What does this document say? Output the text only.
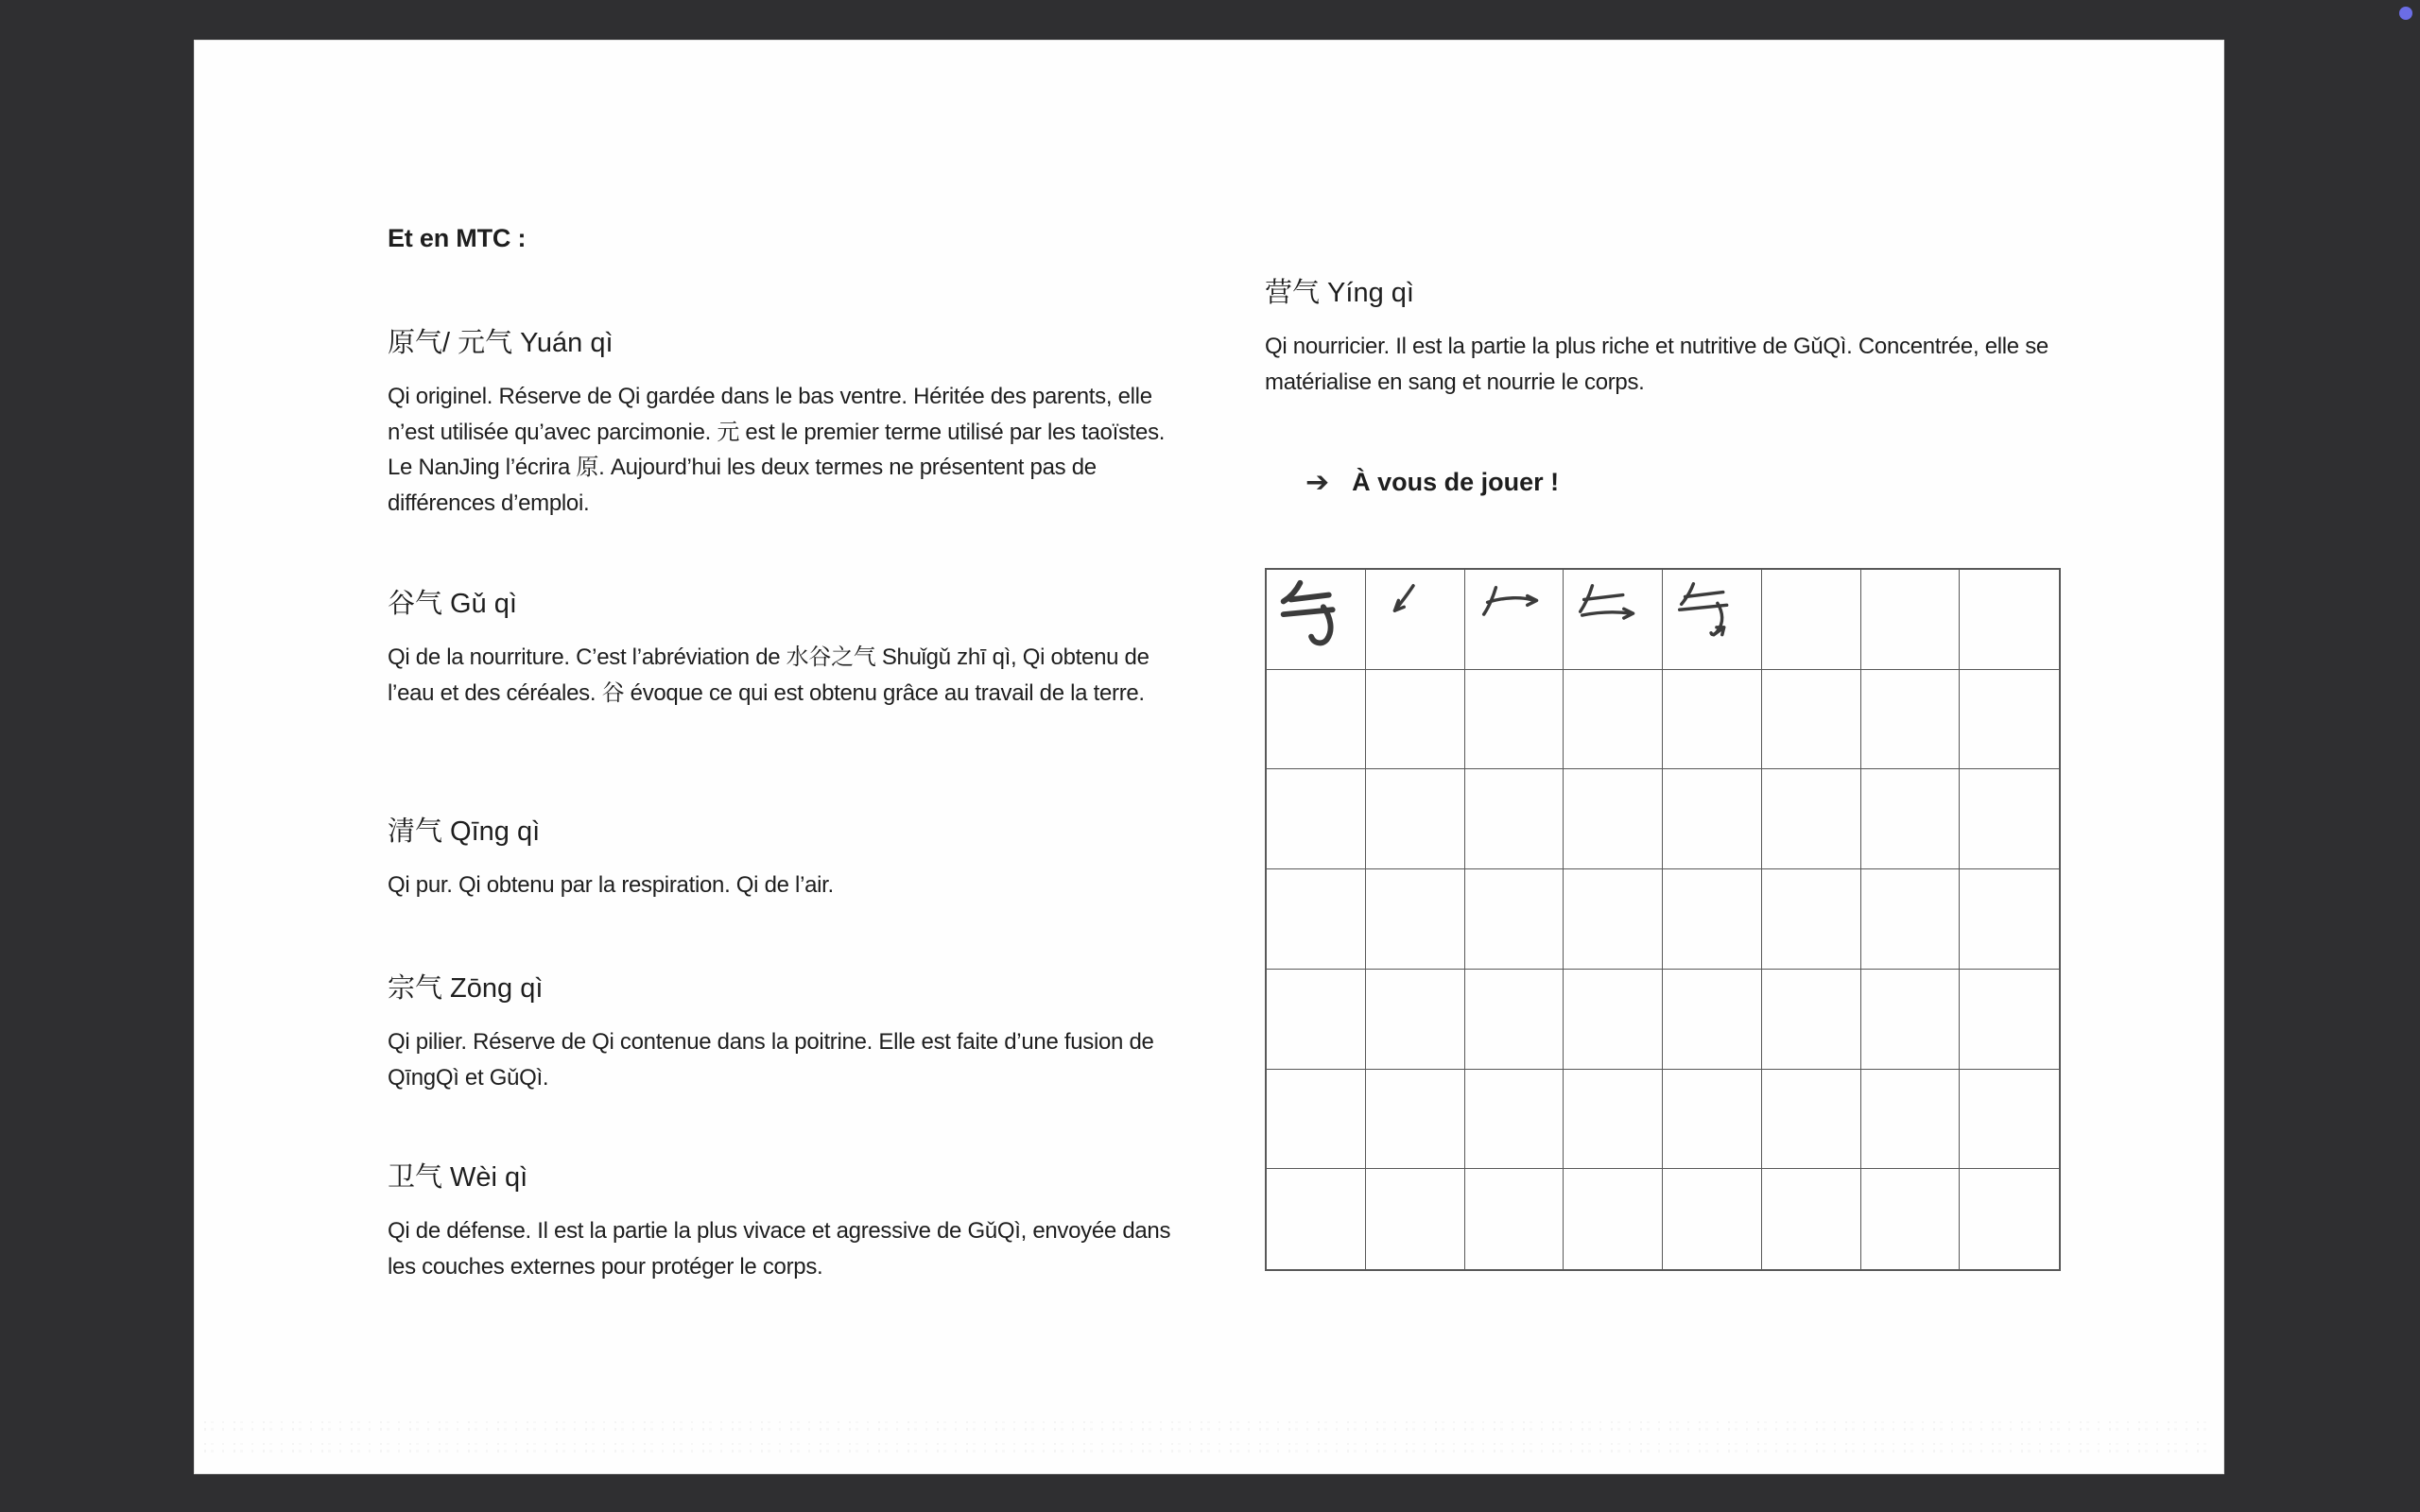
Et en MTC :

原气/ 元气 Yuán qì

Qi originel. Réserve de Qi gardée dans le bas ventre. Héritée des parents, elle n’est utilisée qu’avec parcimonie. 元 est le premier terme utilisé par les taoïstes. Le NanJing l’écrira 原. Aujourd’hui les deux termes ne présentent pas de différences d’emploi.

谷气 Gǔ qì

Qi de la nourriture. C’est l’abréviation de 水谷之气 Shuǐgǔ zhī qì, Qi obtenu de l’eau et des céréales. 谷 évoque ce qui est obtenu grâce au travail de la terre.

清气 Qīng qì

Qi pur. Qi obtenu par la respiration. Qi de l’air.

宗气 Zōng qì

Qi pilier. Réserve de Qi contenue dans la poitrine. Elle est faite d’une fusion de QīngQì et GǔQì.

卫气 Wèi qì

Qi de défense. Il est la partie la plus vivace et agressive de GǔQì, envoyée dans les couches externes pour protéger le corps.

营气 Yíng qì

Qi nourricier. Il est la partie la plus riche et nutritive de GǔQì. Concentrée, elle se matérialise en sang et nourrie le corps.

➔ À vous de jouer !
